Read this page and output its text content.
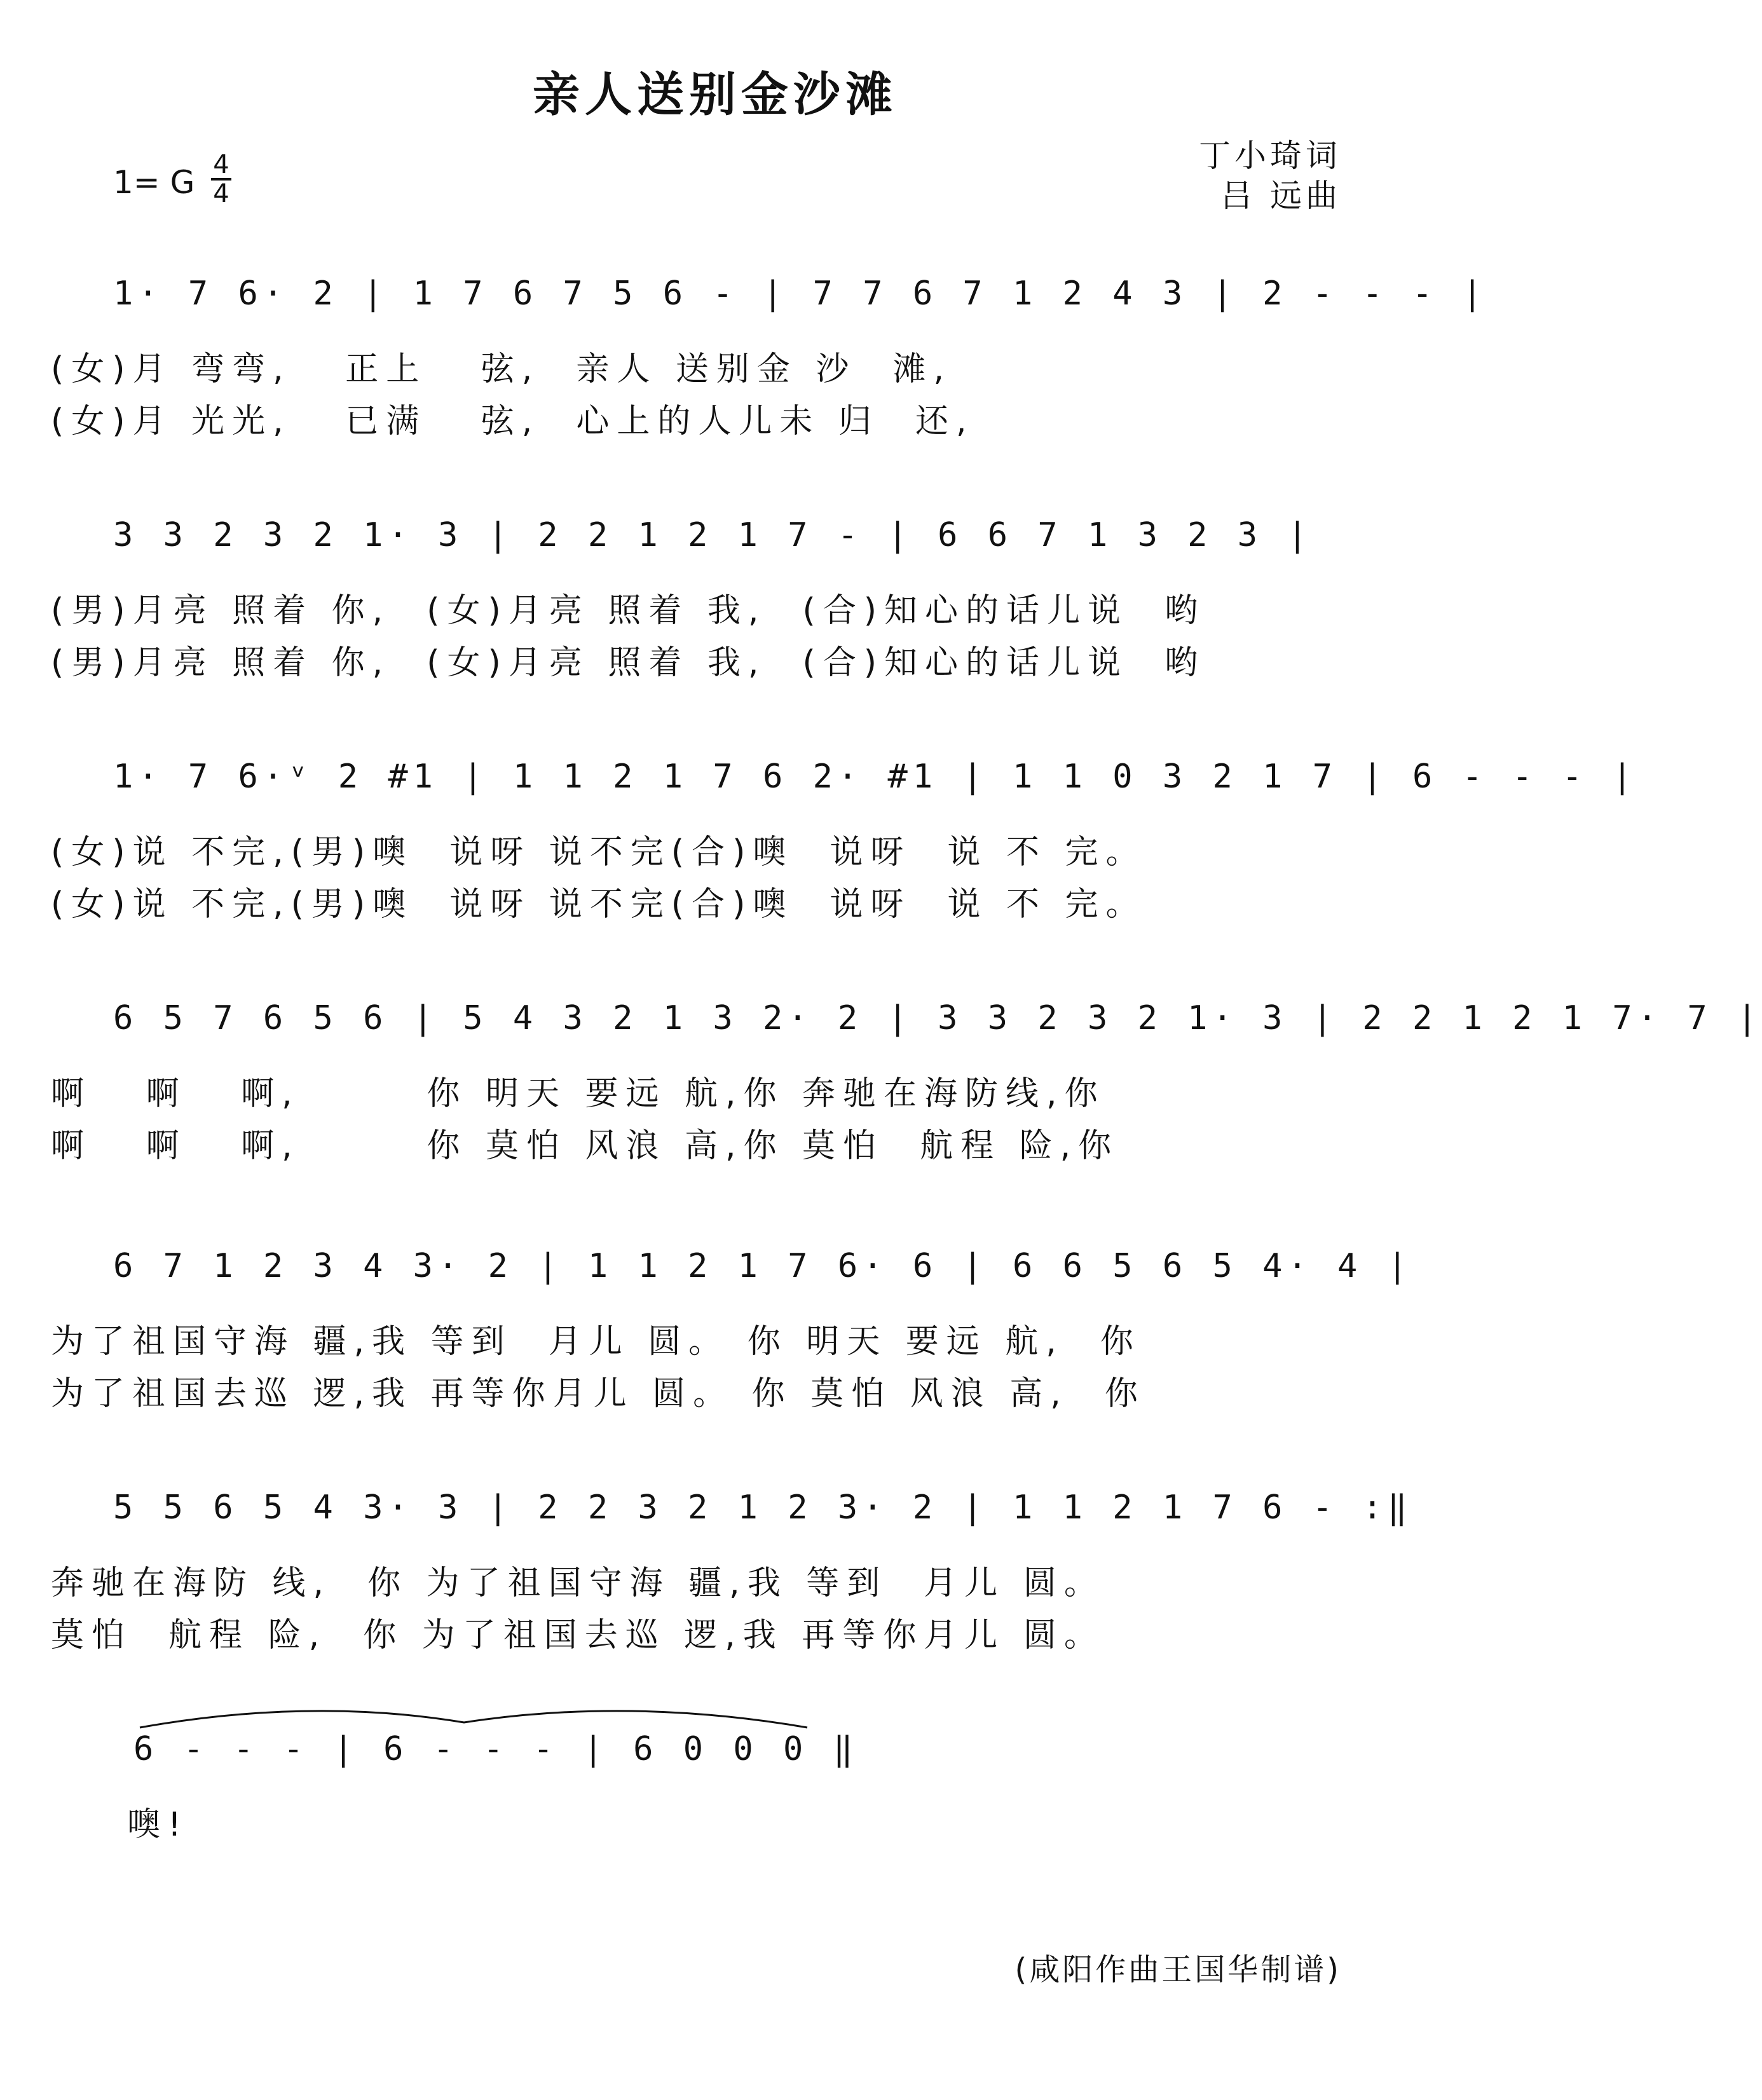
亲人送别金沙滩
1= G 4
4
丁小琦词
吕 远曲
1· 7 6· 2 | 1 7 6 7 5 6 - | 7 7 6 7 1 2 4 3 | 2 - - - |
(女)月 弯弯,   正上   弦,  亲人 送别金 沙  滩,
(女)月 光光,   已满   弦,  心上的人儿未 归  还,
3 3 2 3 2 1· 3 | 2 2 1 2 1 7 - | 6 6 7 1 3 2 3 |
(男)月亮 照着 你,  (女)月亮 照着 我,  (合)知心的话儿说  哟
(男)月亮 照着 你,  (女)月亮 照着 我,  (合)知心的话儿说  哟
1· 7 6·ᵛ 2 #1 | 1 1 2 1 7 6 2· #1 | 1 1 0 3 2 1 7 | 6 - - - |
(女)说 不完,(男)噢  说呀 说不完(合)噢  说呀  说 不 完。
(女)说 不完,(男)噢  说呀 说不完(合)噢  说呀  说 不 完。
6 5 7 6 5 6 | 5 4 3 2 1 3 2· 2 | 3 3 2 3 2 1· 3 | 2 2 1 2 1 7· 7 |
啊   啊   啊,       你 明天 要远 航,你 奔驰在海防线,你
啊   啊   啊,       你 莫怕 风浪 高,你 莫怕  航程 险,你
6 7 1 2 3 4 3· 2 | 1 1 2 1 7 6· 6 | 6 6 5 6 5 4· 4 |
为了祖国守海 疆,我 等到  月儿 圆。 你 明天 要远 航,  你
为了祖国去巡 逻,我 再等你月儿 圆。 你 莫怕 风浪 高,  你
5 5 6 5 4 3· 3 | 2 2 3 2 1 2 3· 2 | 1 1 2 1 7 6 - :‖
奔驰在海防 线,  你 为了祖国守海 疆,我 等到  月儿 圆。
莫怕  航程 险,  你 为了祖国去巡 逻,我 再等你月儿 圆。
6 - - - | 6 - - - | 6 0 0 0 ‖
噢!
(咸阳作曲王国华制谱)
